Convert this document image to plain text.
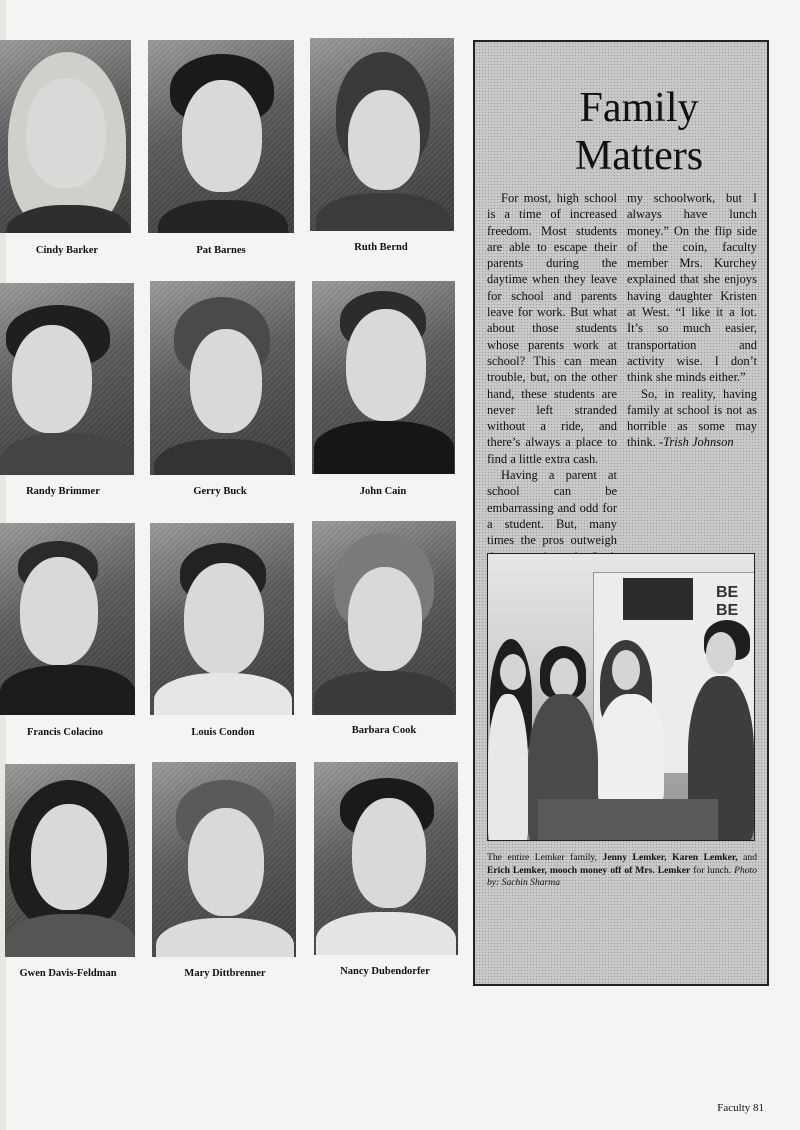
Cindy Barker	Pat Barnes	Ruth Bernd
Randy Brimmer	Gerry Buck	John Cain
Francis Colacino	Louis Condon	Barbara Cook
Gwen Davis-Feldman	Mary Dittbrenner	Nancy Dubendorfer
Family
Matters

For most, high school is a time of increased freedom. Most students are able to escape their parents during the daytime when they leave for school and parents leave for work. But what about those students whose parents work at school? This can mean trouble, but, on the other hand, these students are never left stranded without a ride, and there’s always a place to find a little extra cash.

Having a parent at school can be embarrassing and odd for a student. But, many times the pros outweigh my schoolwork, but I always have lunch money.” On the flip side of the coin, faculty member Mrs. Kurchey explained that she enjoys having daughter Kristen at West. “I like it a lot. It’s so much easier, transportation and activity wise. I don’t think she minds either.”

So, in reality, having family at school is not as horrible as some may think. -Trish Johnson

BE BE
The entire Lemker family, Jenny Lemker, Karen Lemker, and Erich Lemker, mooch money off of Mrs. Lemker for lunch. Photo by: Sachin Sharma
Faculty 81
